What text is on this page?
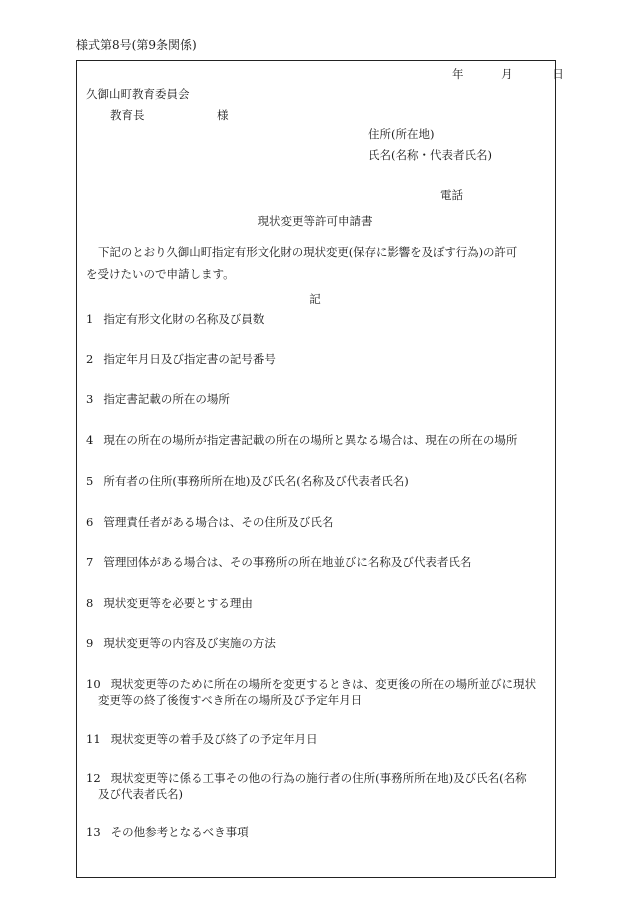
様式第8号(第9条関係)
年	月	日
久御山町教育委員会
教育長	様
住所(所在地)
氏名(名称・代表者氏名)
電話
現状変更等許可申請書
下記のとおり久御山町指定有形文化財の現状変更(保存に影響を及ぼす行為)の許可
を受けたいので申請します。
記
1 指定有形文化財の名称及び員数
2 指定年月日及び指定書の記号番号
3 指定書記載の所在の場所
4 現在の所在の場所が指定書記載の所在の場所と異なる場合は、現在の所在の場所
5 所有者の住所(事務所所在地)及び氏名(名称及び代表者氏名)
6 管理責任者がある場合は、その住所及び氏名
7 管理団体がある場合は、その事務所の所在地並びに名称及び代表者氏名
8 現状変更等を必要とする理由
9 現状変更等の内容及び実施の方法
10 現状変更等のために所在の場所を変更するときは、変更後の所在の場所並びに現状
変更等の終了後復すべき所在の場所及び予定年月日
11 現状変更等の着手及び終了の予定年月日
12 現状変更等に係る工事その他の行為の施行者の住所(事務所所在地)及び氏名(名称
及び代表者氏名)
13 その他参考となるべき事項
